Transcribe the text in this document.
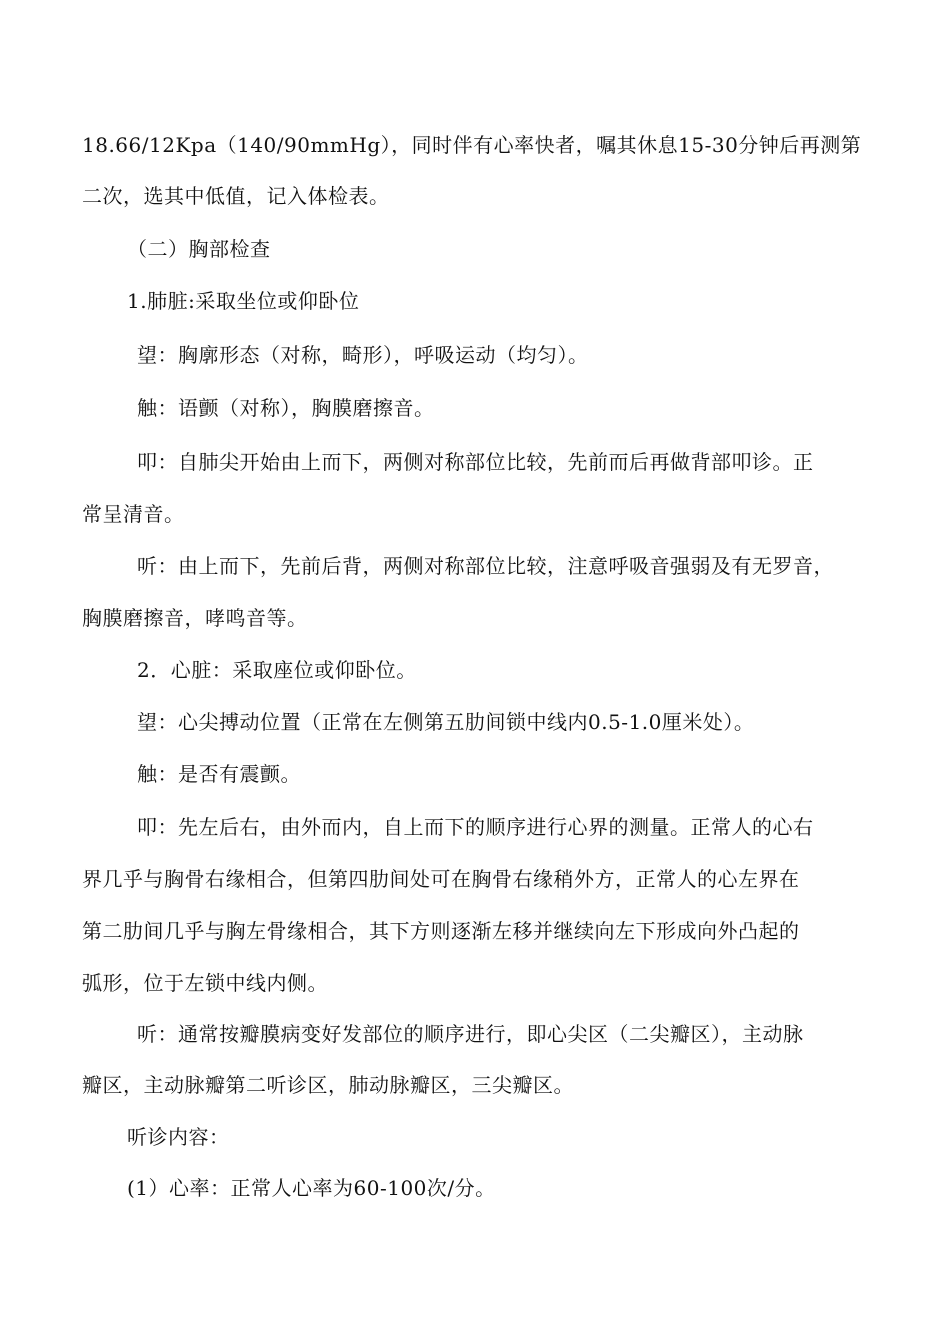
18.66/12Kpa（140/90mmHg），同时伴有心率快者，嘱其休息15-30分钟后再测第
二次，选其中低值，记入体检表。
（二）胸部检查
1.肺脏:采取坐位或仰卧位
望：胸廓形态（对称，畸形），呼吸运动（均匀）。
触：语颤（对称），胸膜磨擦音。
叩：自肺尖开始由上而下，两侧对称部位比较，先前而后再做背部叩诊。正
常呈清音。
听：由上而下，先前后背，两侧对称部位比较，注意呼吸音强弱及有无罗音，
胸膜磨擦音，哮鸣音等。
2．心脏：采取座位或仰卧位。
望：心尖搏动位置（正常在左侧第五肋间锁中线内0.5-1.0厘米处）。
触：是否有震颤。
叩：先左后右，由外而内，自上而下的顺序进行心界的测量。正常人的心右
界几乎与胸骨右缘相合，但第四肋间处可在胸骨右缘稍外方，正常人的心左界在
第二肋间几乎与胸左骨缘相合，其下方则逐渐左移并继续向左下形成向外凸起的
弧形，位于左锁中线内侧。
听：通常按瓣膜病变好发部位的顺序进行，即心尖区（二尖瓣区），主动脉
瓣区，主动脉瓣第二听诊区，肺动脉瓣区，三尖瓣区。
听诊内容：
(1）心率：正常人心率为60-100次/分。
